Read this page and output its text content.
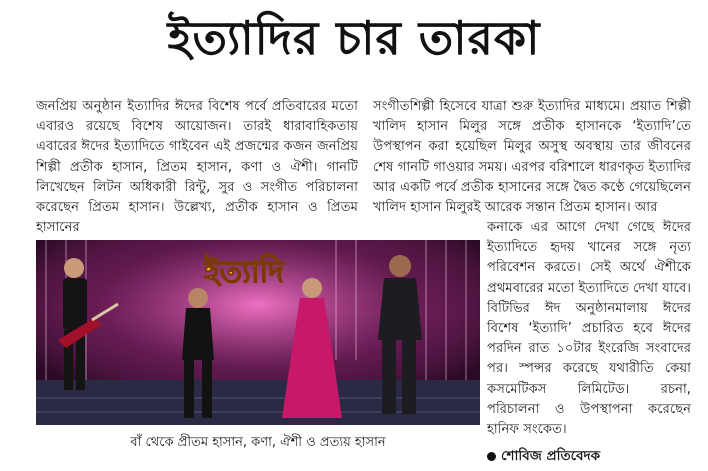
ইত্যাদির চার তারকা

জনপ্রিয় অনুষ্ঠান ইত্যাদির ঈদের বিশেষ পর্বে প্রতিবারের মতো এবারও রয়েছে বিশেষ আয়োজন। তারই ধারাবাহিকতায় এবারের ঈদের ইত্যাদিতে গাইবেন এই প্রজন্মের কজন জনপ্রিয় শিল্পী প্রতীক হাসান, প্রিতম হাসান, কণা ও ঐশী। গানটি লিখেছেন লিটন অধিকারী রিন্টু, সুর ও সংগীত পরিচালনা করেছেন প্রিতম হাসান। উল্লেখ্য, প্রতীক হাসান ও প্রিতম হাসানের

সংগীতশিল্পী হিসেবে যাত্রা শুরু ইত্যাদির মাধ্যমে। প্রয়াত শিল্পী খালিদ হাসান মিলুর সঙ্গে প্রতীক হাসানকে ‘ইত্যাদি’তে উপস্থাপন করা হয়েছিল মিলুর অসুস্থ অবস্থায় তার জীবনের শেষ গানটি গাওয়ার সময়। এরপর বরিশালে ধারণকৃত ইত্যাদির আর একটি পর্বে প্রতীক হাসানের সঙ্গে দ্বৈত কণ্ঠে গেয়েছিলেন খালিদ হাসান মিলুরই আরেক সন্তান প্রিতম হাসান। আর

কনাকে এর আগে দেখা গেছে ঈদের ইত্যাদিতে হৃদয় খানের সঙ্গে নৃত্য পরিবেশন করতে। সেই অর্থে ঐশীকে প্রথমবারের মতো ইত্যাদিতে দেখা যাবে। বিটিভির ঈদ অনুষ্ঠানমালায় ঈদের বিশেষ ‘ইত্যাদি’ প্রচারিত হবে ঈদের পরদিন রাত ১০টার ইংরেজি সংবাদের পর। স্পন্সর করেছে যথারীতি কেয়া কসমেটিকস লিমিটেড। রচনা, পরিচালনা ও উপস্থাপনা করেছেন হানিফ সংকেত।

ইত্যাদি
বাঁ থেকে প্রীতম হাসান, কণা, ঐশী ও প্রত্যয় হাসান
শোবিজ প্রতিবেদক
